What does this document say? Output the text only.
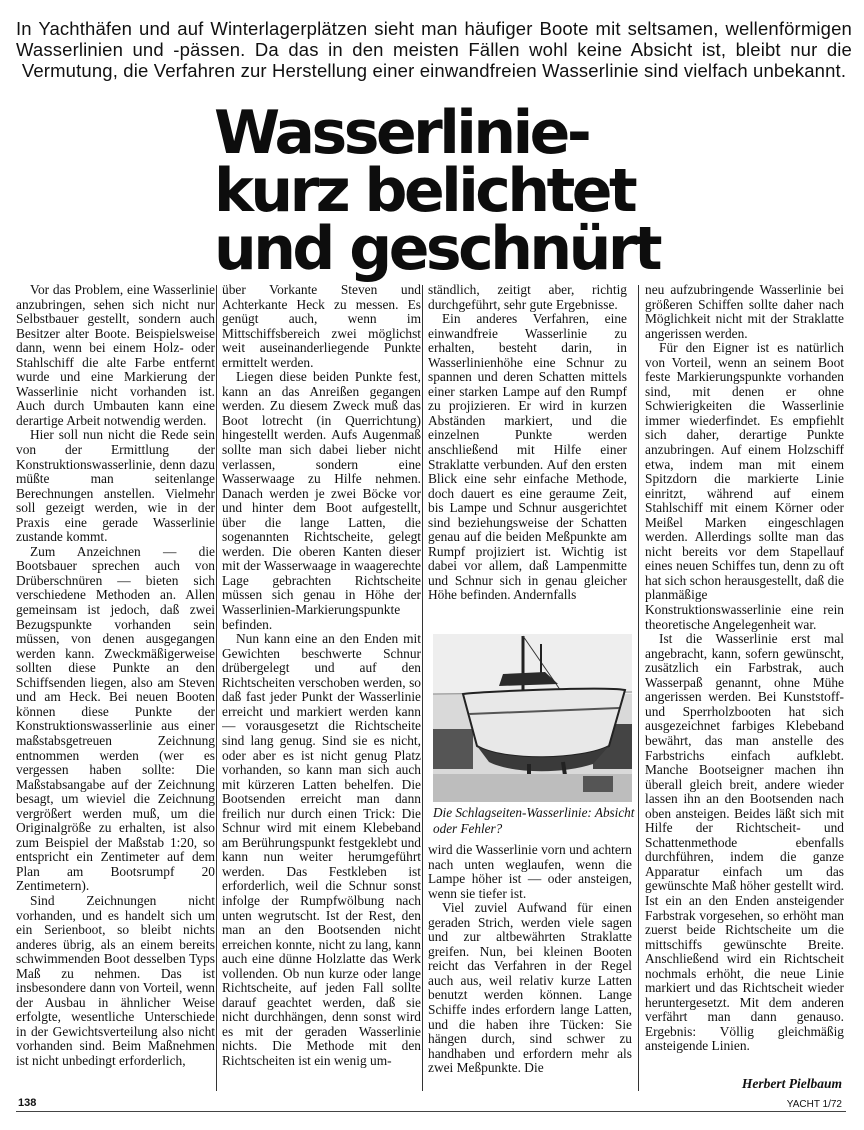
In Yachthäfen und auf Winterlagerplätzen sieht man häufiger Boote mit seltsamen, wellenförmigen Wasserlinien und -pässen. Da das in den meisten Fällen wohl keine Absicht ist, bleibt nur die Vermutung, die Verfahren zur Herstellung einer einwandfreien Wasserlinie sind vielfach unbekannt.
Wasserlinie-
kurz belichtet
und geschnürt

Vor das Problem, eine Wasserlinie anzubringen, sehen sich nicht nur Selbstbauer gestellt, sondern auch Besitzer alter Boote. Beispielsweise dann, wenn bei einem Holz- oder Stahlschiff die alte Farbe entfernt wurde und eine Markierung der Wasserlinie nicht vorhanden ist. Auch durch Umbauten kann eine derartige Arbeit notwendig werden.

Hier soll nun nicht die Rede sein von der Ermittlung der Konstruktionswasserlinie, denn dazu müßte man seitenlange Berechnungen anstellen. Vielmehr soll gezeigt werden, wie in der Praxis eine gerade Wasserlinie zustande kommt.

Zum Anzeichnen — die Bootsbauer sprechen auch von Drüberschnüren — bieten sich verschiedene Methoden an. Allen gemeinsam ist jedoch, daß zwei Bezugspunkte vorhanden sein müssen, von denen ausgegangen werden kann. Zweckmäßigerweise sollten diese Punkte an den Schiffsenden liegen, also am Steven und am Heck. Bei neuen Booten können diese Punkte der Konstruktionswasserlinie aus einer maßstabsgetreuen Zeichnung entnommen werden (wer es vergessen haben sollte: Die Maßstabsangabe auf der Zeichnung besagt, um wieviel die Zeichnung vergrößert werden muß, um die Originalgröße zu erhalten, ist also zum Beispiel der Maßstab 1:20, so entspricht ein Zentimeter auf dem Plan am Bootsrumpf 20 Zentimetern).

Sind Zeichnungen nicht vorhanden, und es handelt sich um ein Serienboot, so bleibt nichts anderes übrig, als an einem bereits schwimmenden Boot desselben Typs Maß zu nehmen. Das ist insbesondere dann von Vorteil, wenn der Ausbau in ähnlicher Weise erfolgte, wesentliche Unterschiede in der Gewichtsverteilung also nicht vorhanden sind. Beim Maßnehmen ist nicht unbedingt erforderlich,

über Vorkante Steven und Achterkante Heck zu messen. Es genügt auch, wenn im Mittschiffsbereich zwei möglichst weit auseinanderliegende Punkte ermittelt werden.

Liegen diese beiden Punkte fest, kann an das Anreißen gegangen werden. Zu diesem Zweck muß das Boot lotrecht (in Querrichtung) hingestellt werden. Aufs Augenmaß sollte man sich dabei lieber nicht verlassen, sondern eine Wasserwaage zu Hilfe nehmen. Danach werden je zwei Böcke vor und hinter dem Boot aufgestellt, über die lange Latten, die sogenannten Richtscheite, gelegt werden. Die oberen Kanten dieser mit der Wasserwaage in waagerechte Lage gebrachten Richtscheite müssen sich genau in Höhe der Wasserlinien-Markierungspunkte befinden.

Nun kann eine an den Enden mit Gewichten beschwerte Schnur drübergelegt und auf den Richtscheiten verschoben werden, so daß fast jeder Punkt der Wasserlinie erreicht und markiert werden kann — vorausgesetzt die Richtscheite sind lang genug. Sind sie es nicht, oder aber es ist nicht genug Platz vorhanden, so kann man sich auch mit kürzeren Latten behelfen. Die Bootsenden erreicht man dann freilich nur durch einen Trick: Die Schnur wird mit einem Klebeband am Berührungspunkt festgeklebt und kann nun weiter herumgeführt werden. Das Festkleben ist erforderlich, weil die Schnur sonst infolge der Rumpfwölbung nach unten wegrutscht. Ist der Rest, den man an den Bootsenden nicht erreichen konnte, nicht zu lang, kann auch eine dünne Holzlatte das Werk vollenden. Ob nun kurze oder lange Richtscheite, auf jeden Fall sollte darauf geachtet werden, daß sie nicht durchhängen, denn sonst wird es mit der geraden Wasserlinie nichts. Die Methode mit den Richtscheiten ist ein wenig um-

ständlich, zeitigt aber, richtig durchgeführt, sehr gute Ergebnisse.

Ein anderes Verfahren, eine einwandfreie Wasserlinie zu erhalten, besteht darin, in Wasserlinienhöhe eine Schnur zu spannen und deren Schatten mittels einer starken Lampe auf den Rumpf zu projizieren. Er wird in kurzen Abständen markiert, und die einzelnen Punkte werden anschließend mit Hilfe einer Straklatte verbunden. Auf den ersten Blick eine sehr einfache Methode, doch dauert es eine geraume Zeit, bis Lampe und Schnur ausgerichtet sind beziehungsweise der Schatten genau auf die beiden Meßpunkte am Rumpf projiziert ist. Wichtig ist dabei vor allem, daß Lampenmitte und Schnur sich in genau gleicher Höhe befinden. Andernfalls

Die Schlagseiten-Wasserlinie: Absicht oder Fehler?

wird die Wasserlinie vorn und achtern nach unten weglaufen, wenn die Lampe höher ist — oder ansteigen, wenn sie tiefer ist.

Viel zuviel Aufwand für einen geraden Strich, werden viele sagen und zur altbewährten Straklatte greifen. Nun, bei kleinen Booten reicht das Verfahren in der Regel auch aus, weil relativ kurze Latten benutzt werden können. Lange Schiffe indes erfordern lange Latten, und die haben ihre Tücken: Sie hängen durch, sind schwer zu handhaben und erfordern mehr als zwei Meßpunkte. Die

neu aufzubringende Wasserlinie bei größeren Schiffen sollte daher nach Möglichkeit nicht mit der Straklatte angerissen werden.

Für den Eigner ist es natürlich von Vorteil, wenn an seinem Boot feste Markierungspunkte vorhanden sind, mit denen er ohne Schwierigkeiten die Wasserlinie immer wiederfindet. Es empfiehlt sich daher, derartige Punkte anzubringen. Auf einem Holzschiff etwa, indem man mit einem Spitzdorn die markierte Linie einritzt, während auf einem Stahlschiff mit einem Körner oder Meißel Marken eingeschlagen werden. Allerdings sollte man das nicht bereits vor dem Stapellauf eines neuen Schiffes tun, denn zu oft hat sich schon herausgestellt, daß die planmäßige Konstruktionswasserlinie eine rein theoretische Angelegenheit war.

Ist die Wasserlinie erst mal angebracht, kann, sofern gewünscht, zusätzlich ein Farbstrak, auch Wasserpaß genannt, ohne Mühe angerissen werden. Bei Kunststoff- und Sperrholzbooten hat sich ausgezeichnet farbiges Klebeband bewährt, das man anstelle des Farbstrichs einfach aufklebt. Manche Bootseigner machen ihn überall gleich breit, andere wieder lassen ihn an den Bootsenden nach oben ansteigen. Beides läßt sich mit Hilfe der Richtscheit- und Schattenmethode ebenfalls durchführen, indem die ganze Apparatur einfach um das gewünschte Maß höher gestellt wird. Ist ein an den Enden ansteigender Farbstrak vorgesehen, so erhöht man zuerst beide Richtscheite um die mittschiffs gewünschte Breite. Anschließend wird ein Richtscheit nochmals erhöht, die neue Linie markiert und das Richtscheit wieder heruntergesetzt. Mit dem anderen verfährt man dann genauso. Ergebnis: Völlig gleichmäßig ansteigende Linien.

Herbert Pielbaum
138	YACHT 1/72
